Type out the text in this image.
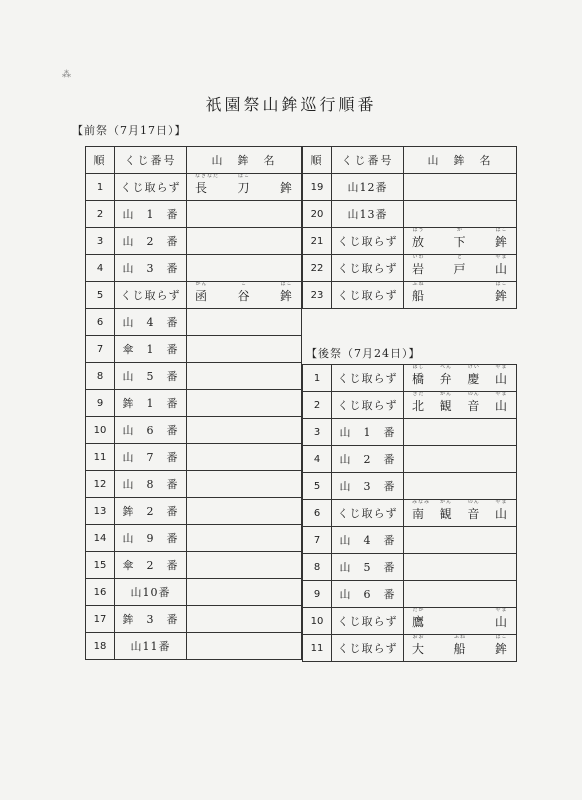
⁂
祇園祭山鉾巡行順番
【前祭（7月17日）】
順	くじ番号	山　鉾　名
1	くじ取らず	なぎなた 長 ほこ 刀 鉾

2	山　1　番	
3	山　2　番	
4	山　3　番	
5	くじ取らず	かん 函 こ 谷 ほこ 鉾

6	山　4　番	
7	傘　1　番	
8	山　5　番	
9	鉾　1　番	
10	山　6　番	
11	山　7　番	
12	山　8　番	
13	鉾　2　番	
14	山　9　番	
15	傘　2　番	
16	山10番	
17	鉾　3　番	
18	山11番	
順	くじ番号	山　鉾　名
19	山12番	
20	山13番	
21	くじ取らず	ほう 放 か 下 ほこ 鉾

22	くじ取らず	いわ 岩 と 戸 やま 山

23	くじ取らず	ふね 船 ほこ 鉾
【後祭（7月24日）】
1	くじ取らず	はし 橋 べん 弁 けい 慶 やま 山

2	くじ取らず	きた 北 かん 観 のん 音 やま 山

3	山　1　番	
4	山　2　番	
5	山　3　番	
6	くじ取らず	みなみ 南 かん 観 のん 音 やま 山

7	山　4　番	
8	山　5　番	
9	山　6　番	
10	くじ取らず	たか 鷹 やま 山

11	くじ取らず	おお 大 ふね 船 ほこ 鉾
